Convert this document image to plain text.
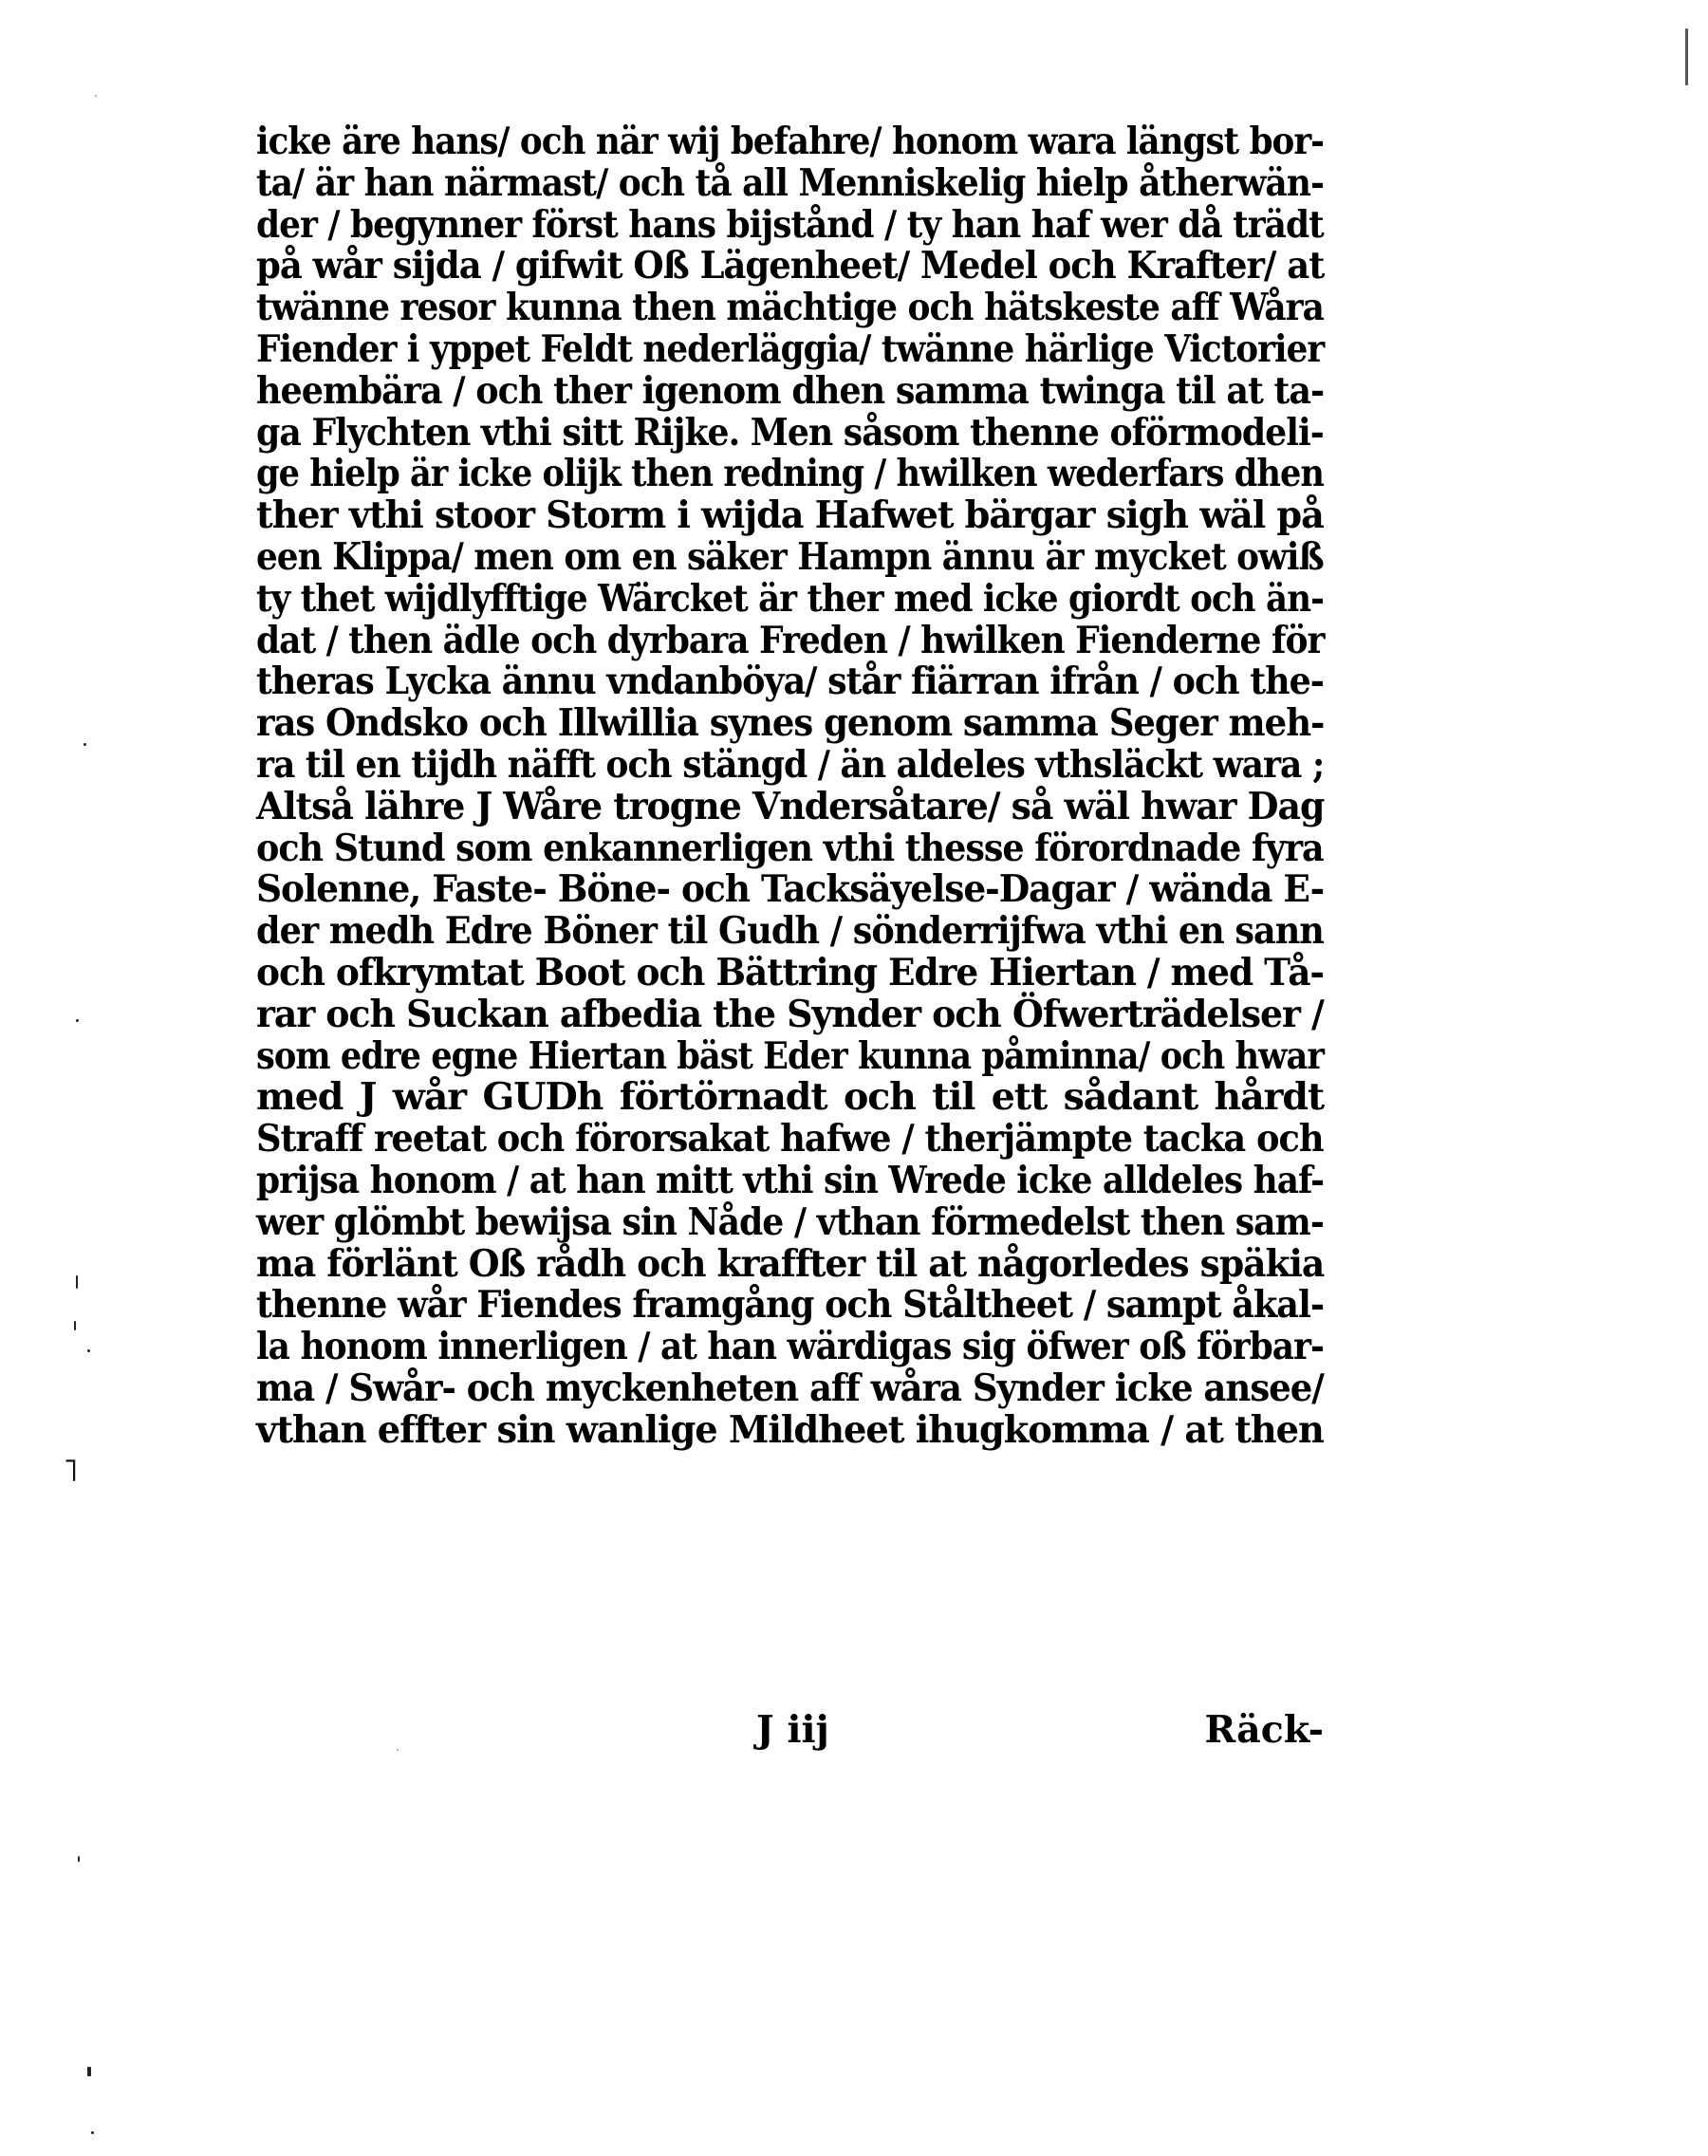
icke äre hans/ och när wij befahre/ honom wara längst bor-
ta/ är han närmast/ och tå all Menniskelig hielp åtherwän-
der / begynner först hans bijstånd / ty han haf wer då trädt
på wår sijda / gifwit Oß Lägenheet/ Medel och Krafter/ at
twänne resor kunna then mächtige och hätskeste aff Wåra
Fiender i yppet Feldt nederläggia/ twänne härlige Victorier
heembära / och ther igenom dhen samma twinga til at ta-
ga Flychten vthi sitt Rijke. Men såsom thenne oförmodeli-
ge hielp är icke olijk then redning / hwilken wederfars dhen
ther vthi stoor Storm i wijda Hafwet bärgar sigh wäl på
een Klippa/ men om en säker Hampn ännu är mycket owiß
ty thet wijdlyfftige Wärcket är ther med icke giordt och än-
dat / then ädle och dyrbara Freden / hwilken Fienderne för
theras Lycka ännu vndanböya/ står fiärran ifrån / och the-
ras Ondsko och Illwillia synes genom samma Seger meh-
ra til en tijdh näfft och stängd / än aldeles vthsläckt wara ;
Altså lähre J Wåre trogne Vndersåtare/ så wäl hwar Dag
och Stund som enkannerligen vthi thesse förordnade fyra
Solenne, Faste- Böne- och Tacksäyelse-Dagar / wända E-
der medh Edre Böner til Gudh / sönderrijfwa vthi en sann
och ofkrymtat Boot och Bättring Edre Hiertan / med Tå-
rar och Suckan afbedia the Synder och Öfwerträdelser /
som edre egne Hiertan bäst Eder kunna påminna/ och hwar
med J wår GUDh förtörnadt och til ett sådant hårdt
Straff reetat och förorsakat hafwe / therjämpte tacka och
prijsa honom / at han mitt vthi sin Wrede icke alldeles haf-
wer glömbt bewijsa sin Nåde / vthan förmedelst then sam-
ma förlänt Oß rådh och kraffter til at någorledes späkia
thenne wår Fiendes framgång och Ståltheet / sampt åkal-
la honom innerligen / at han wärdigas sig öfwer oß förbar-
ma / Swår- och myckenheten aff wåra Synder icke ansee/
vthan effter sin wanlige Mildheet ihugkomma / at then
J iij	Räck-
˥
